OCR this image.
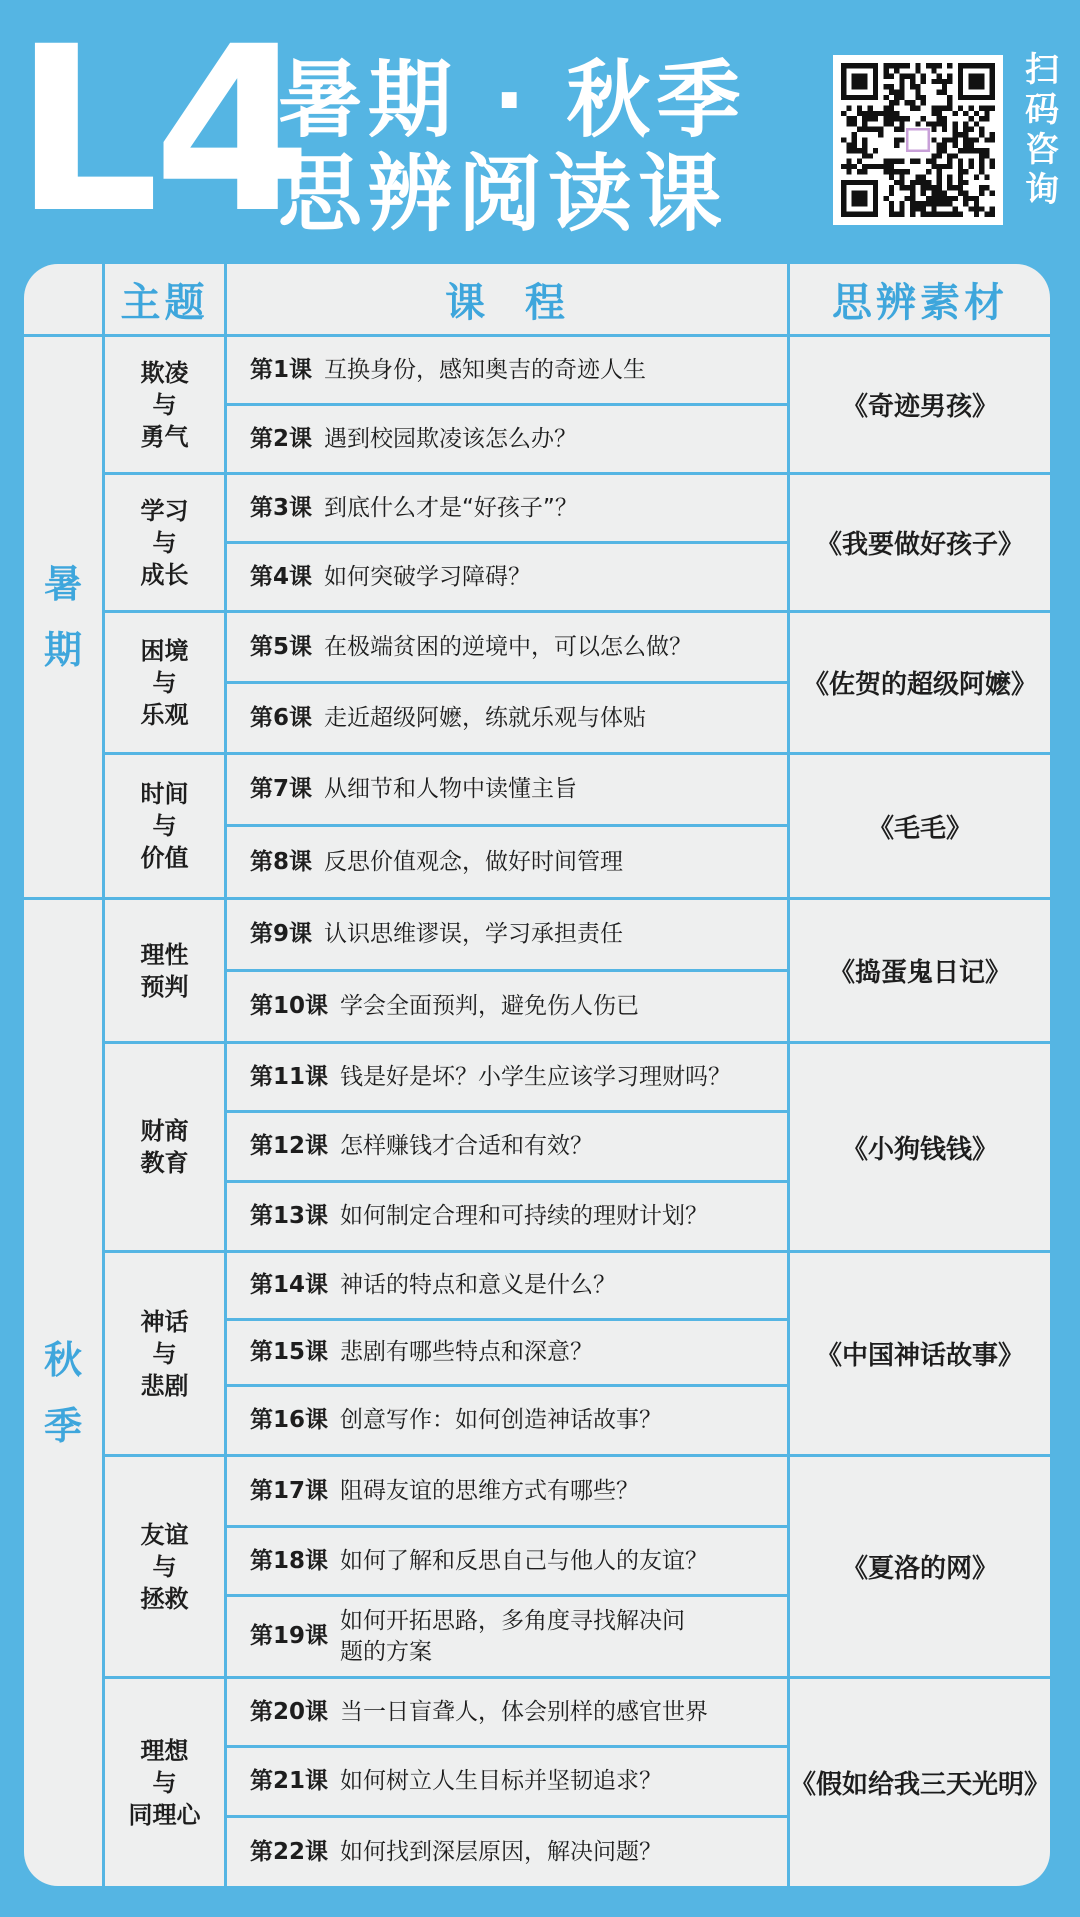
L4
暑期 · 秋季
思辨阅读课
扫
码
咨
询
主题	课  程	思辨素材
暑
期
秋
季
欺凌
与
勇气
学习
与
成长
困境
与
乐观
时间
与
价值
理性
预判
财商
教育
神话
与
悲剧
友谊
与
拯救
理想
与
同理心
《奇迹男孩》
《我要做好孩子》
《佐贺的超级阿嬷》
《毛毛》
《捣蛋鬼日记》
《小狗钱钱》
《中国神话故事》
《夏洛的网》
《假如给我三天光明》
第1课 互换身份，感知奥吉的奇迹人生
第2课 遇到校园欺凌该怎么办？
第3课 到底什么才是“好孩子”？
第4课 如何突破学习障碍？
第5课 在极端贫困的逆境中，可以怎么做？
第6课 走近超级阿嬷，练就乐观与体贴
第7课 从细节和人物中读懂主旨
第8课 反思价值观念，做好时间管理
第9课 认识思维谬误，学习承担责任
第10课 学会全面预判，避免伤人伤已
第11课 钱是好是坏？小学生应该学习理财吗？
第12课 怎样赚钱才合适和有效？
第13课 如何制定合理和可持续的理财计划？
第14课 神话的特点和意义是什么？
第15课 悲剧有哪些特点和深意？
第16课 创意写作：如何创造神话故事？
第17课 阻碍友谊的思维方式有哪些？
第18课 如何了解和反思自己与他人的友谊？
第19课
如何开拓思路，多角度寻找解决问
题的方案
第20课 当一日盲聋人，体会别样的感官世界
第21课 如何树立人生目标并坚韧追求？
第22课 如何找到深层原因，解决问题？
